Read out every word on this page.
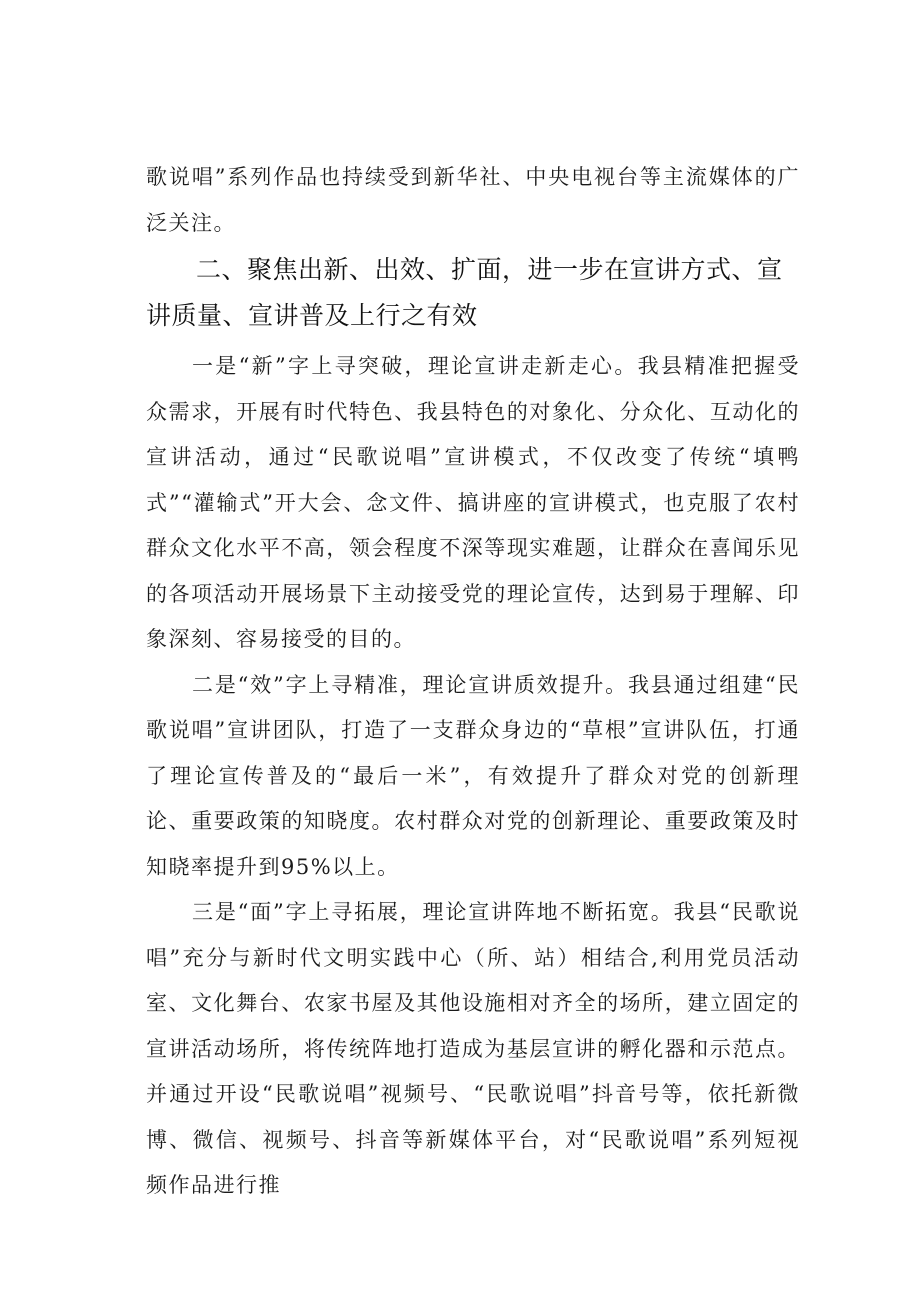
歌说唱”系列作品也持续受到新华社、中央电视台等主流媒体的广泛关注。

二、聚焦出新、出效、扩面，进一步在宣讲方式、宣讲质量、宣讲普及上行之有效

一是“新”字上寻突破，理论宣讲走新走心。我县精准把握受众需求，开展有时代特色、我县特色的对象化、分众化、互动化的宣讲活动，通过“民歌说唱”宣讲模式，不仅改变了传统“填鸭式”“灌输式”开大会、念文件、搞讲座的宣讲模式，也克服了农村群众文化水平不高，领会程度不深等现实难题，让群众在喜闻乐见的各项活动开展场景下主动接受党的理论宣传，达到易于理解、印象深刻、容易接受的目的。

二是“效”字上寻精准，理论宣讲质效提升。我县通过组建“民歌说唱”宣讲团队，打造了一支群众身边的“草根”宣讲队伍，打通了理论宣传普及的“最后一米”，有效提升了群众对党的创新理论、重要政策的知晓度。农村群众对党的创新理论、重要政策及时知晓率提升到95%以上。

三是“面”字上寻拓展，理论宣讲阵地不断拓宽。我县“民歌说唱”充分与新时代文明实践中心（所、站）相结合,利用党员活动室、文化舞台、农家书屋及其他设施相对齐全的场所，建立固定的宣讲活动场所，将传统阵地打造成为基层宣讲的孵化器和示范点。并通过开设“民歌说唱”视频号、“民歌说唱”抖音号等，依托新微博、微信、视频号、抖音等新媒体平台，对“民歌说唱”系列短视频作品进行推
